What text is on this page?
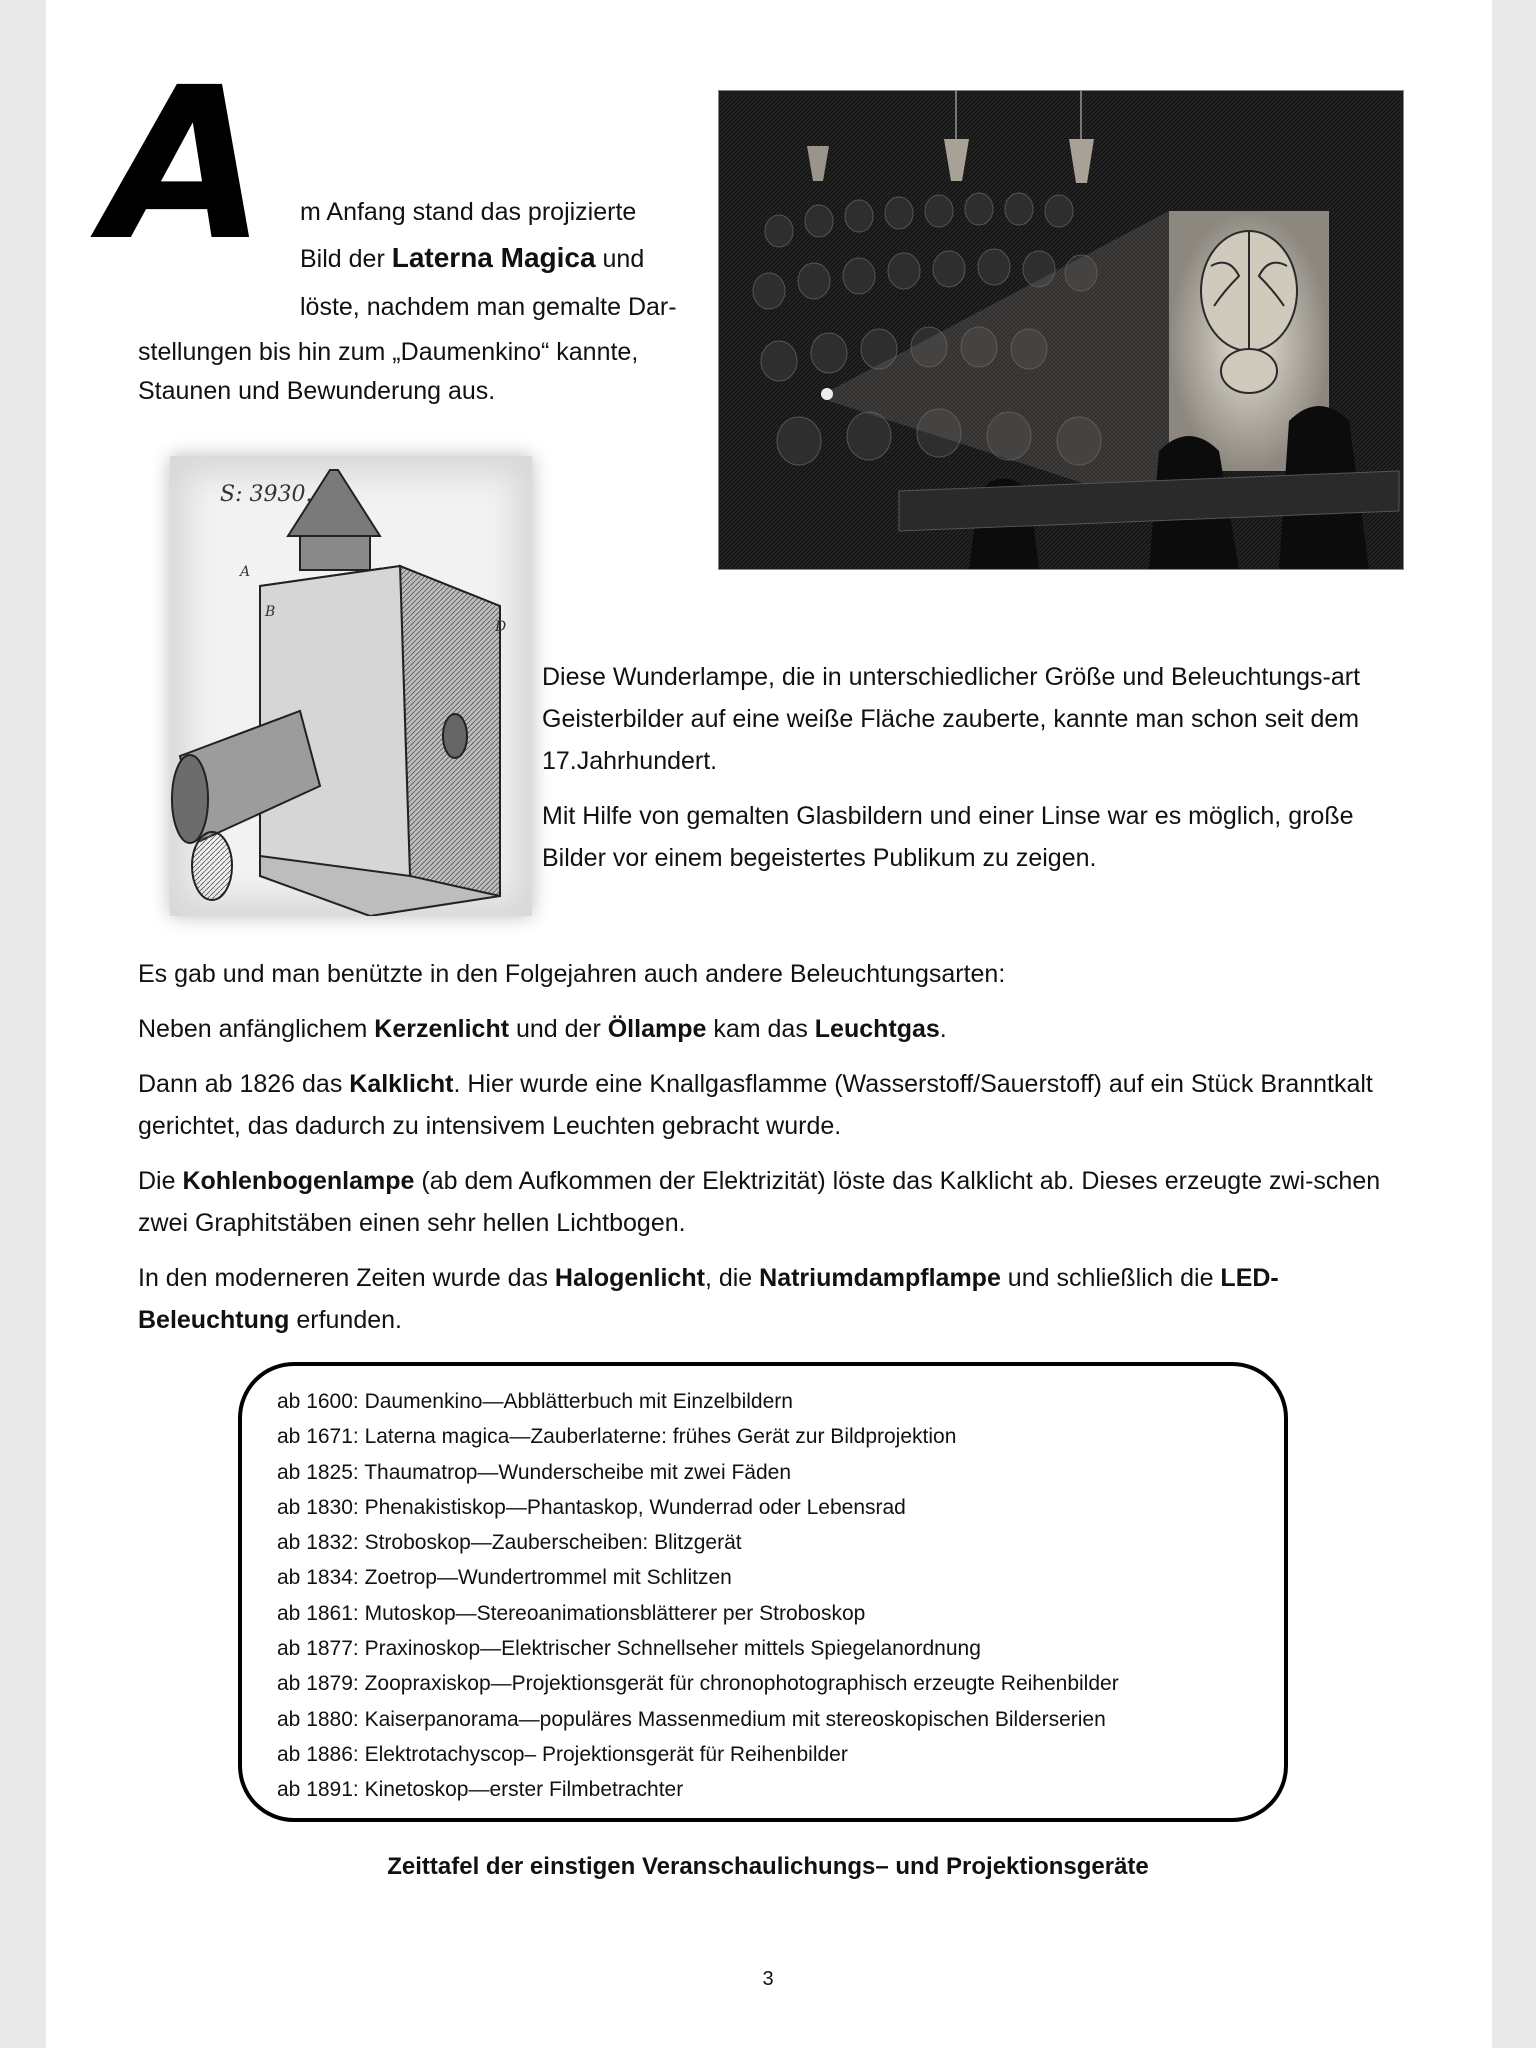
A	m Anfang stand das projizierte
Bild der Laterna Magica und
löste, nachdem man gemalte Dar-
stellungen bis hin zum „Daumenkino“ kannte,
Staunen und Bewunderung aus.
S: 3930.
A
B
D

Diese Wunderlampe, die in unterschiedlicher Größe und Beleuchtungs-art Geisterbilder auf eine weiße Fläche zauberte, kannte man schon seit dem 17.Jahrhundert.

Mit Hilfe von gemalten Glasbildern und einer Linse war es möglich, große Bilder vor einem begeistertes Publikum zu zeigen.

Es gab und man benützte in den Folgejahren auch andere Beleuchtungsarten:

Neben anfänglichem Kerzenlicht und der Öllampe kam das Leuchtgas.

Dann ab 1826 das Kalklicht. Hier wurde eine Knallgasflamme (Wasserstoff/Sauerstoff) auf ein Stück Branntkalt gerichtet, das dadurch zu intensivem Leuchten gebracht wurde.

Die Kohlenbogenlampe (ab dem Aufkommen der Elektrizität) löste das Kalklicht ab. Dieses erzeugte zwi-schen zwei Graphitstäben einen sehr hellen Lichtbogen.

In den moderneren Zeiten wurde das Halogenlicht, die Natriumdampflampe und schließlich die LED-Beleuchtung erfunden.

ab 1600: Daumenkino—Abblätterbuch mit Einzelbildern
ab 1671: Laterna magica—Zauberlaterne: frühes Gerät zur Bildprojektion
ab 1825: Thaumatrop—Wunderscheibe mit zwei Fäden
ab 1830: Phenakistiskop—Phantaskop, Wunderrad oder Lebensrad
ab 1832: Stroboskop—Zauberscheiben: Blitzgerät
ab 1834: Zoetrop—Wundertrommel mit Schlitzen
ab 1861: Mutoskop—Stereoanimationsblätterer per Stroboskop
ab 1877: Praxinoskop—Elektrischer Schnellseher mittels Spiegelanordnung
ab 1879: Zoopraxiskop—Projektionsgerät für chronophotographisch erzeugte Reihenbilder
ab 1880: Kaiserpanorama—populäres Massenmedium mit stereoskopischen Bilderserien
ab 1886: Elektrotachyscop– Projektionsgerät für Reihenbilder
ab 1891: Kinetoskop—erster Filmbetrachter
Zeittafel der einstigen Veranschaulichungs– und Projektionsgeräte
3
